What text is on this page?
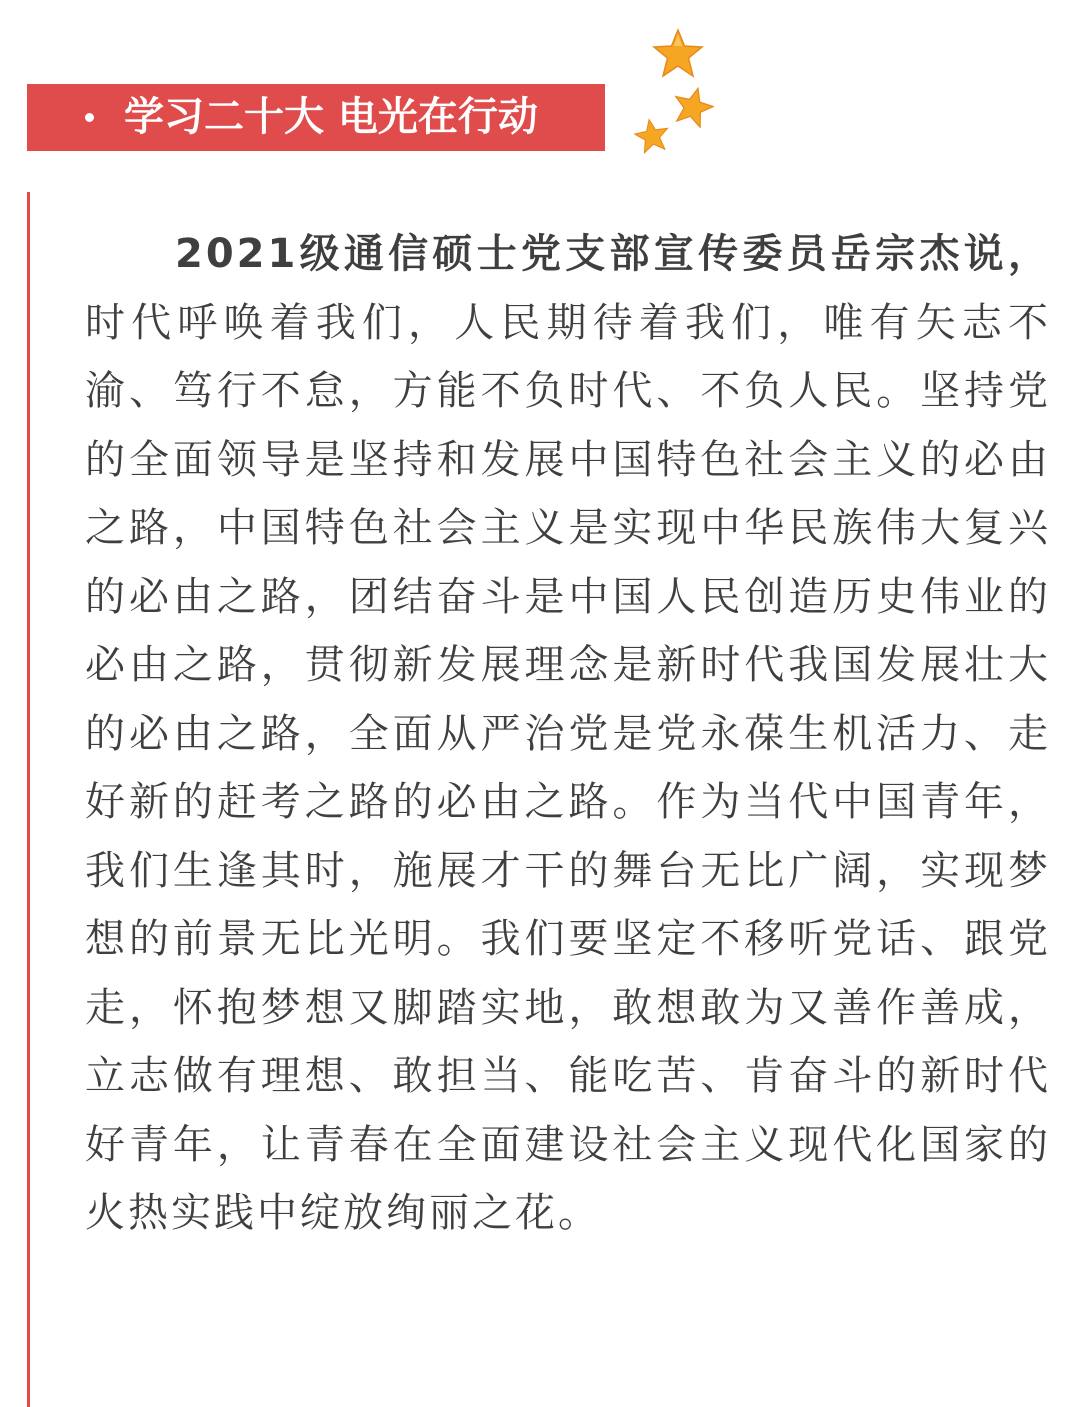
学习二十大 电光在行动

2021级通信硕士党支部宣传委员岳宗杰说，时代呼唤着我们，人民期待着我们，唯有矢志不渝、笃行不怠，方能不负时代、不负人民。坚持党的全面领导是坚持和发展中国特色社会主义的必由之路，中国特色社会主义是实现中华民族伟大复兴的必由之路，团结奋斗是中国人民创造历史伟业的必由之路，贯彻新发展理念是新时代我国发展壮大的必由之路，全面从严治党是党永葆生机活力、走好新的赶考之路的必由之路。作为当代中国青年，我们生逢其时，施展才干的舞台无比广阔，实现梦想的前景无比光明。我们要坚定不移听党话、跟党走，怀抱梦想又脚踏实地，敢想敢为又善作善成，立志做有理想、敢担当、能吃苦、肯奋斗的新时代好青年，让青春在全面建设社会主义现代化国家的火热实践中绽放绚丽之花。
